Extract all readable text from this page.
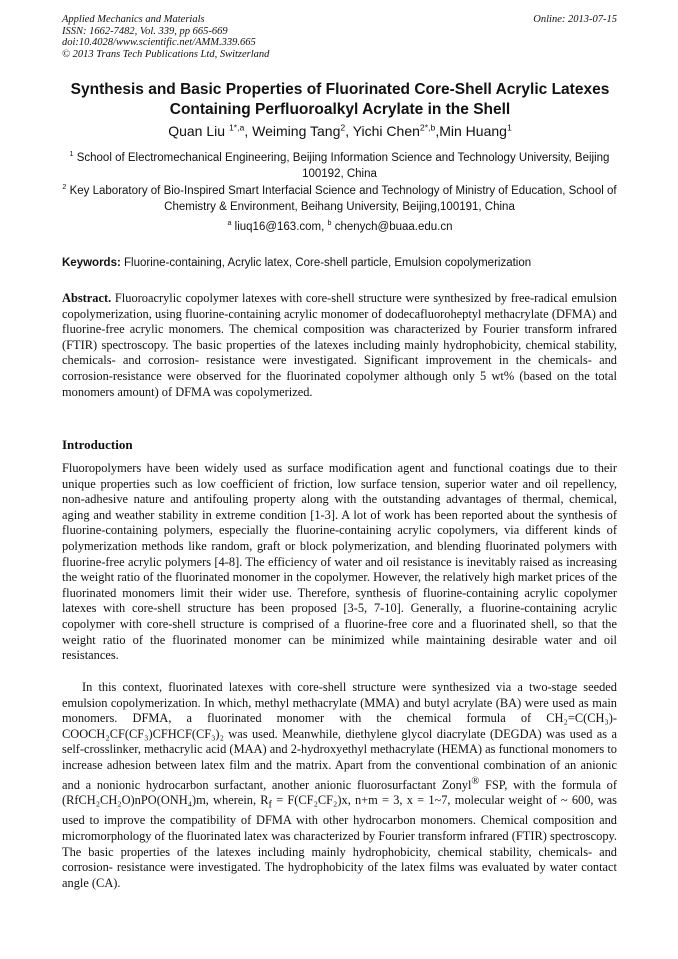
Applied Mechanics and Materials
ISSN: 1662-7482, Vol. 339, pp 665-669
doi:10.4028/www.scientific.net/AMM.339.665
© 2013 Trans Tech Publications Ltd, Switzerland
Online: 2013-07-15
Synthesis and Basic Properties of Fluorinated Core-Shell Acrylic Latexes Containing Perfluoroalkyl Acrylate in the Shell
Quan Liu $^{1*,a}$, Weiming Tang$^2$, Yichi Chen$^{2*,b}$,Min Huang$^1$
$^1$ School of Electromechanical Engineering, Beijing Information Science and Technology University, Beijing 100192, China
$^2$ Key Laboratory of Bio-Inspired Smart Interfacial Science and Technology of Ministry of Education, School of Chemistry & Environment, Beihang University, Beijing,100191, China
$^a$ liuq16@163.com, $^b$ chenych@buaa.edu.cn
Keywords: Fluorine-containing, Acrylic latex, Core-shell particle, Emulsion copolymerization

Abstract. Fluoroacrylic copolymer latexes with core-shell structure were synthesized by free-radical emulsion copolymerization, using fluorine-containing acrylic monomer of dodecafluoroheptyl methacrylate (DFMA) and fluorine-free acrylic monomers. The chemical composition was characterized by Fourier transform infrared (FTIR) spectroscopy. The basic properties of the latexes including mainly hydrophobicity, chemical stability, chemicals- and corrosion- resistance were investigated. Significant improvement in the chemicals- and corrosion-resistance were observed for the fluorinated copolymer although only 5 wt% (based on the total monomers amount) of DFMA was copolymerized.

Introduction

Fluoropolymers have been widely used as surface modification agent and functional coatings due to their unique properties such as low coefficient of friction, low surface tension, superior water and oil repellency, non-adhesive nature and antifouling property along with the outstanding advantages of thermal, chemical, aging and weather stability in extreme condition [1-3]. A lot of work has been reported about the synthesis of fluorine-containing polymers, especially the fluorine-containing acrylic copolymers, via different kinds of polymerization methods like random, graft or block polymerization, and blending fluorinated polymers with fluorine-free acrylic polymers [4-8]. The efficiency of water and oil resistance is inevitably raised as increasing the weight ratio of the fluorinated monomer in the copolymer. However, the relatively high market prices of the fluorinated monomers limit their wider use. Therefore, synthesis of fluorine-containing acrylic copolymer latexes with core-shell structure has been proposed [3-5, 7-10]. Generally, a fluorine-containing acrylic copolymer with core-shell structure is comprised of a fluorine-free core and a fluorinated shell, so that the weight ratio of the fluorinated monomer can be minimized while maintaining desirable water and oil resistances.

In this context, fluorinated latexes with core-shell structure were synthesized via a two-stage seeded emulsion copolymerization. In which, methyl methacrylate (MMA) and butyl acrylate (BA) were used as main monomers. DFMA, a fluorinated monomer with the chemical formula of CH₂=C(CH₃)-COOCH₂CF(CF₃)CFHCF(CF₃)₂ was used. Meanwhile, diethylene glycol diacrylate (DEGDA) was used as a self-crosslinker, methacrylic acid (MAA) and 2-hydroxyethyl methacrylate (HEMA) as functional monomers to increase adhesion between latex film and the matrix. Apart from the conventional combination of an anionic and a nonionic hydrocarbon surfactant, another anionic fluorosurfactant Zonyl® FSP, with the formula of (RfCH₂CH₂O)nPO(ONH₄)m, wherein, $R_f = F(CF_2CF_2)x$, n+m = 3, x = 1~7, molecular weight of ~ 600, was used to improve the compatibility of DFMA with other hydrocarbon monomers. Chemical composition and micromorphology of the fluorinated latex was characterized by Fourier transform infrared (FTIR) spectroscopy. The basic properties of the latexes including mainly hydrophobicity, chemical stability, chemicals- and corrosion- resistance were investigated. The hydrophobicity of the latex films was evaluated by water contact angle (CA).
